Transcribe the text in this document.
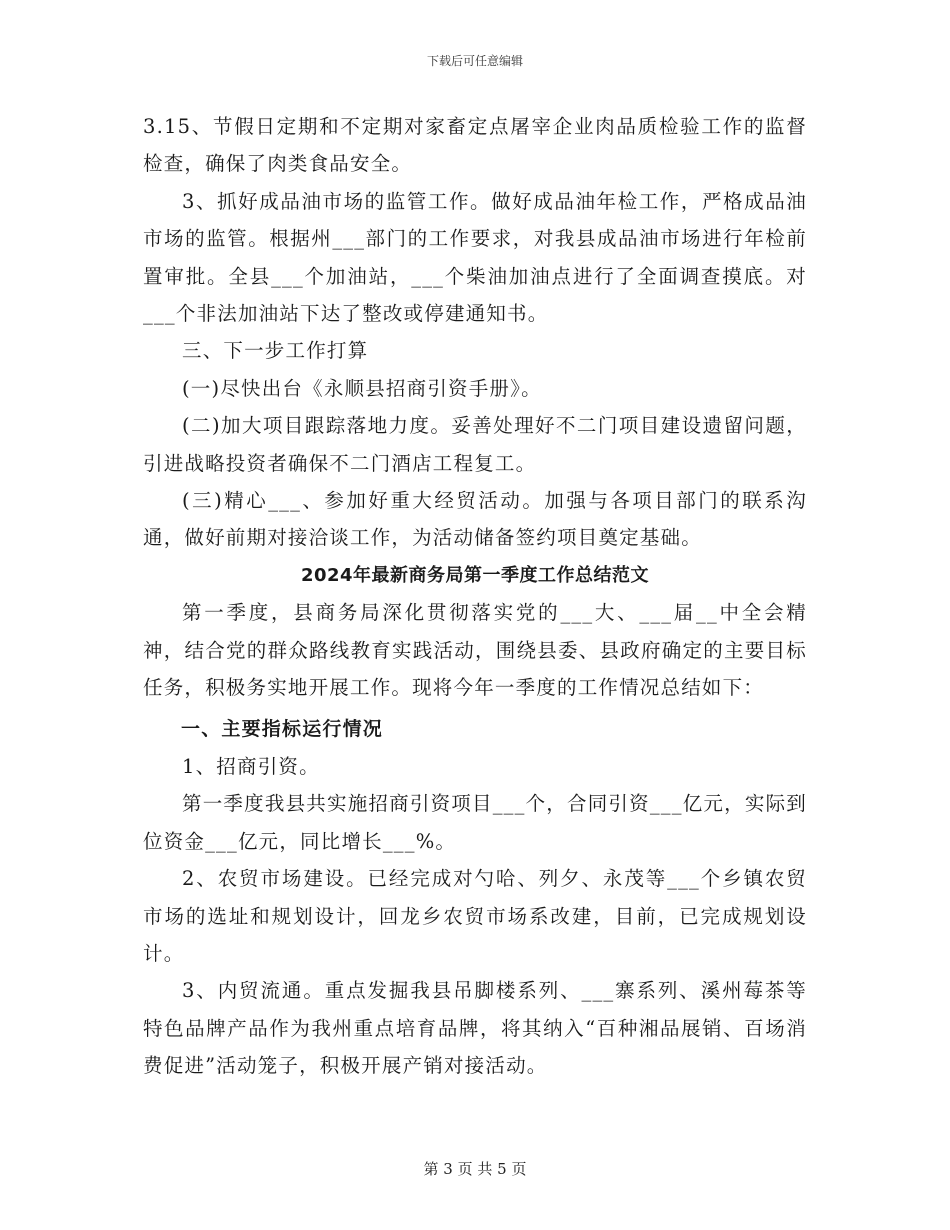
下载后可任意编辑

3.15、节假日定期和不定期对家畜定点屠宰企业肉品质检验工作的监督检查，确保了肉类食品安全。

3、抓好成品油市场的监管工作。做好成品油年检工作，严格成品油市场的监管。根据州___部门的工作要求，对我县成品油市场进行年检前置审批。全县___个加油站，___个柴油加油点进行了全面调查摸底。对___个非法加油站下达了整改或停建通知书。

三、下一步工作打算

(一)尽快出台《永顺县招商引资手册》。

(二)加大项目跟踪落地力度。妥善处理好不二门项目建设遗留问题，引进战略投资者确保不二门酒店工程复工。

(三)精心___、参加好重大经贸活动。加强与各项目部门的联系沟通，做好前期对接洽谈工作，为活动储备签约项目奠定基础。

2024年最新商务局第一季度工作总结范文

第一季度，县商务局深化贯彻落实党的___大、___届__中全会精神，结合党的群众路线教育实践活动，围绕县委、县政府确定的主要目标任务，积极务实地开展工作。现将今年一季度的工作情况总结如下：

一、主要指标运行情况

1、招商引资。

第一季度我县共实施招商引资项目___个，合同引资___亿元，实际到位资金___亿元，同比增长___%。

2、农贸市场建设。已经完成对勺哈、列夕、永茂等___个乡镇农贸市场的选址和规划设计，回龙乡农贸市场系改建，目前，已完成规划设计。

3、内贸流通。重点发掘我县吊脚楼系列、___寨系列、溪州莓茶等特色品牌产品作为我州重点培育品牌，将其纳入“百种湘品展销、百场消费促进”活动笼子，积极开展产销对接活动。

第 3 页 共 5 页
